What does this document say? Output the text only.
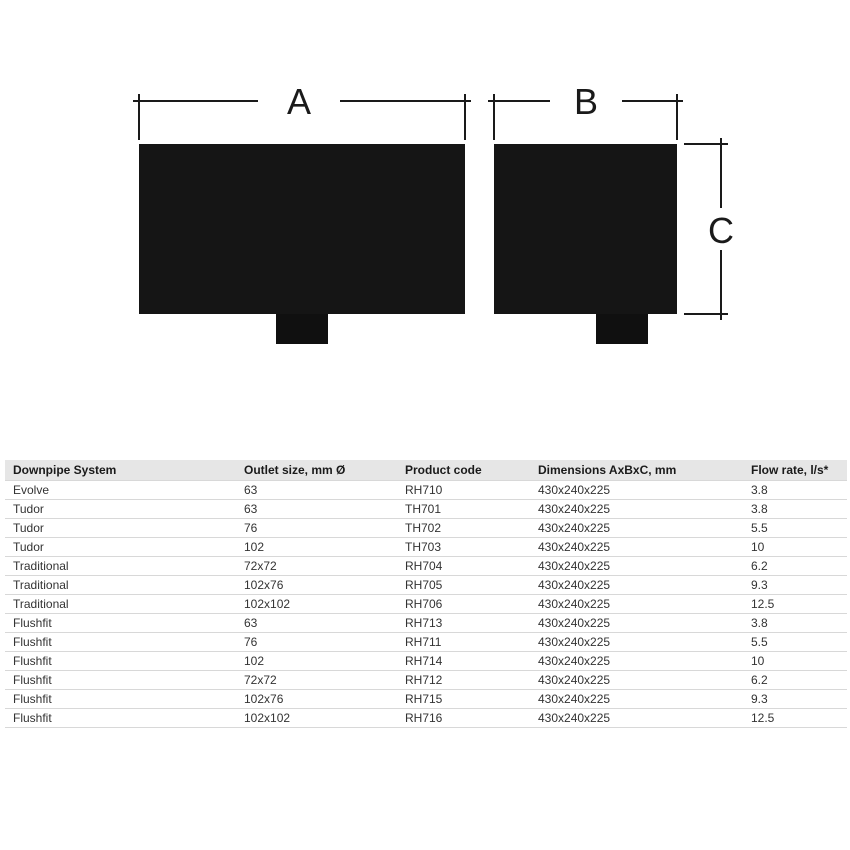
A	B
C
Downpipe System	Outlet size, mm Ø	Product code	Dimensions AxBxC, mm	Flow rate, l/s*
Evolve	63	RH710	430x240x225	3.8
Tudor	63	TH701	430x240x225	3.8
Tudor	76	TH702	430x240x225	5.5
Tudor	102	TH703	430x240x225	10
Traditional	72x72	RH704	430x240x225	6.2
Traditional	102x76	RH705	430x240x225	9.3
Traditional	102x102	RH706	430x240x225	12.5
Flushfit	63	RH713	430x240x225	3.8
Flushfit	76	RH711	430x240x225	5.5
Flushfit	102	RH714	430x240x225	10
Flushfit	72x72	RH712	430x240x225	6.2
Flushfit	102x76	RH715	430x240x225	9.3
Flushfit	102x102	RH716	430x240x225	12.5
